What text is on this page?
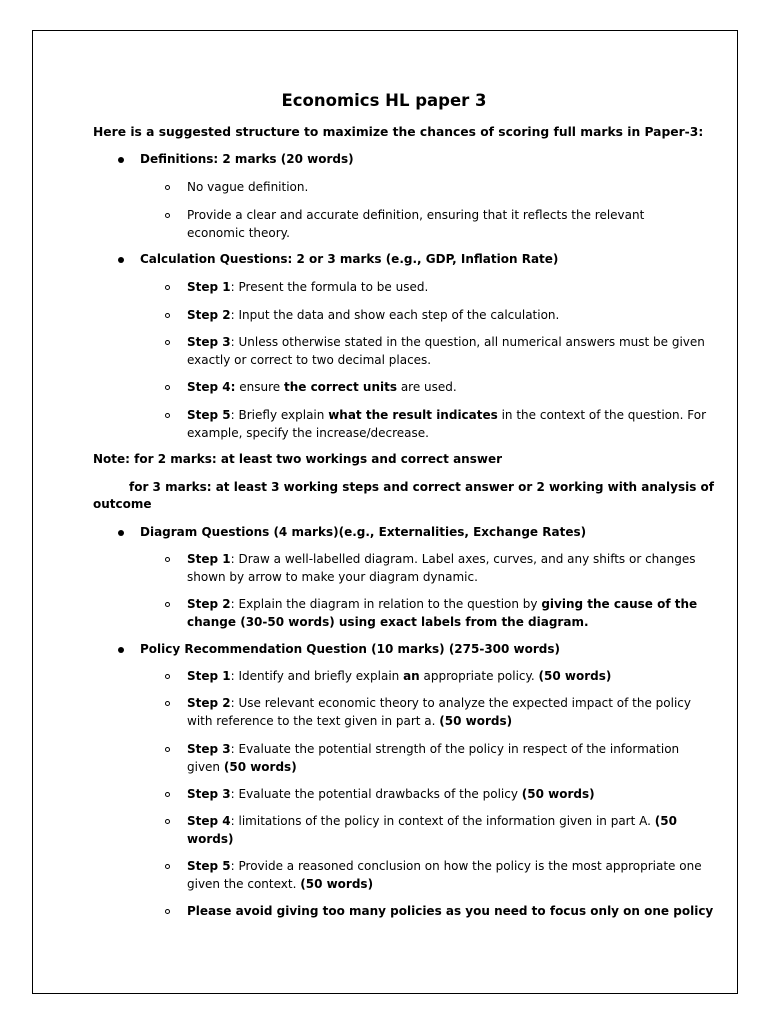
Economics HL paper 3
Here is a suggested structure to maximize the chances of scoring full marks in Paper-3:
Definitions: 2 marks (20 words)
No vague definition.
Provide a clear and accurate definition, ensuring that it reflects the relevant
economic theory.
Calculation Questions: 2 or 3 marks (e.g., GDP, Inflation Rate)
Step 1: Present the formula to be used.
Step 2: Input the data and show each step of the calculation.
Step 3: Unless otherwise stated in the question, all numerical answers must be given
exactly or correct to two decimal places.
Step 4: ensure the correct units are used.
Step 5: Briefly explain what the result indicates in the context of the question. For
example, specify the increase/decrease.
Note: for 2 marks: at least two workings and correct answer
for 3 marks: at least 3 working steps and correct answer or 2 working with analysis of
outcome
Diagram Questions (4 marks)(e.g., Externalities, Exchange Rates)
Step 1: Draw a well-labelled diagram. Label axes, curves, and any shifts or changes
shown by arrow to make your diagram dynamic.
Step 2: Explain the diagram in relation to the question by giving the cause of the
change (30-50 words) using exact labels from the diagram.
Policy Recommendation Question (10 marks) (275-300 words)
Step 1: Identify and briefly explain an appropriate policy. (50 words)
Step 2: Use relevant economic theory to analyze the expected impact of the policy
with reference to the text given in part a. (50 words)
Step 3: Evaluate the potential strength of the policy in respect of the information
given (50 words)
Step 3: Evaluate the potential drawbacks of the policy (50 words)
Step 4: limitations of the policy in context of the information given in part A. (50
words)
Step 5: Provide a reasoned conclusion on how the policy is the most appropriate one
given the context. (50 words)
Please avoid giving too many policies as you need to focus only on one policy
